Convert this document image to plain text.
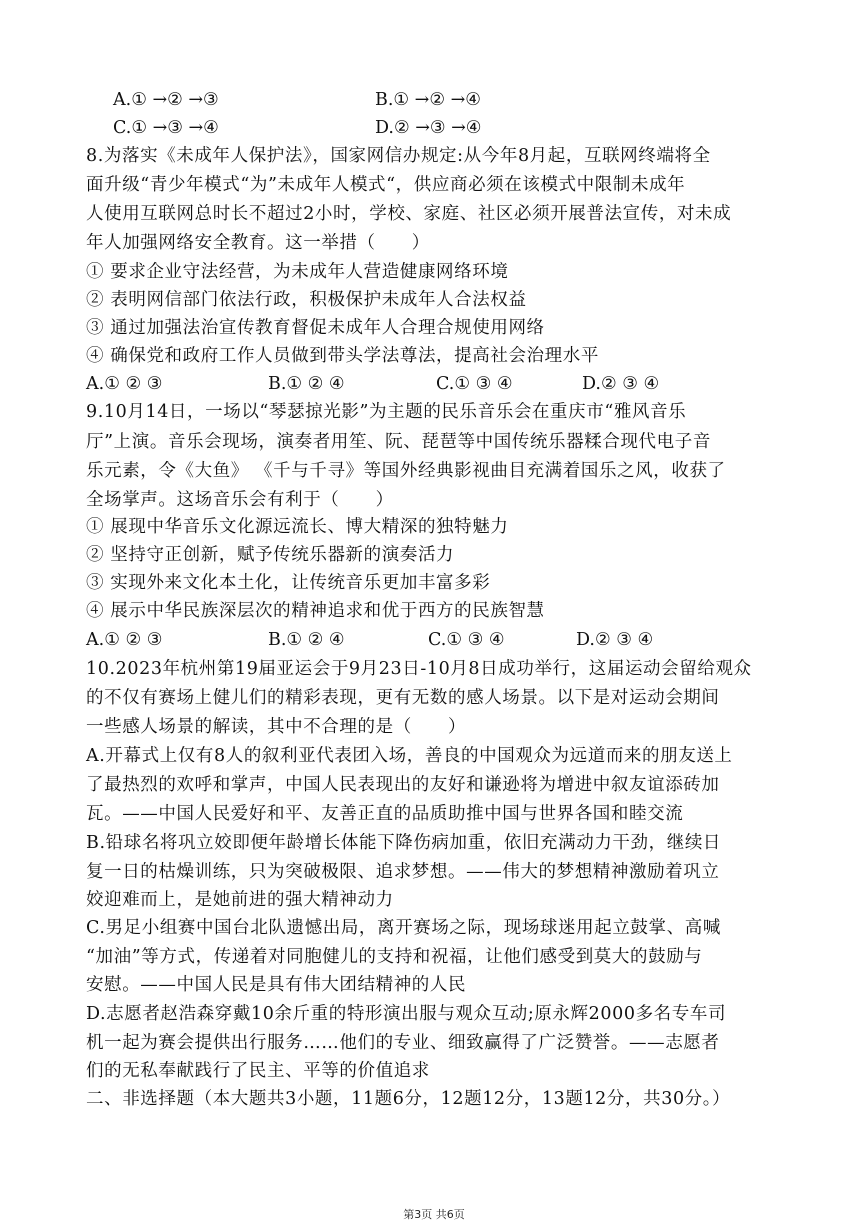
A.① →② →③	B.① →② →④
C.① →③ →④	D.② →③ →④
8.为落实《未成年人保护法》，国家网信办规定:从今年8月起，互联网终端将全
面升级“青少年模式“为”未成年人模式“，供应商必须在该模式中限制未成年
人使用互联网总时长不超过2小时，学校、家庭、社区必须开展普法宣传，对未成
年人加强网络安全教育。这一举措（　　）
① 要求企业守法经营，为未成年人营造健康网络环境
② 表明网信部门依法行政，积极保护未成年人合法权益
③ 通过加强法治宣传教育督促未成年人合理合规使用网络
④ 确保党和政府工作人员做到带头学法尊法，提高社会治理水平
A.① ② ③	B.① ② ④	C.① ③ ④	D.② ③ ④
9.10月14日，一场以“琴瑟掠光影”为主题的民乐音乐会在重庆市“雅风音乐
厅”上演。音乐会现场，演奏者用笙、阮、琵琶等中国传统乐器糅合现代电子音
乐元素，令《大鱼》 《千与千寻》等国外经典影视曲目充满着国乐之风，收获了
全场掌声。这场音乐会有利于（　　）
① 展现中华音乐文化源远流长、博大精深的独特魅力
② 坚持守正创新，赋予传统乐器新的演奏活力
③ 实现外来文化本土化，让传统音乐更加丰富多彩
④ 展示中华民族深层次的精神追求和优于西方的民族智慧
A.① ② ③	B.① ② ④	C.① ③ ④	D.② ③ ④
10.2023年杭州第19届亚运会于9月23日-10月8日成功举行，这届运动会留给观众
的不仅有赛场上健儿们的精彩表现，更有无数的感人场景。以下是对运动会期间
一些感人场景的解读，其中不合理的是（　　）
A.开幕式上仅有8人的叙利亚代表团入场，善良的中国观众为远道而来的朋友送上
了最热烈的欢呼和掌声，中国人民表现出的友好和谦逊将为增进中叙友谊添砖加
瓦。——中国人民爱好和平、友善正直的品质助推中国与世界各国和睦交流
B.铅球名将巩立姣即便年龄增长体能下降伤病加重，依旧充满动力干劲，继续日
复一日的枯燥训练，只为突破极限、追求梦想。——伟大的梦想精神激励着巩立
姣迎难而上，是她前进的强大精神动力
C.男足小组赛中国台北队遗憾出局，离开赛场之际，现场球迷用起立鼓掌、高喊
“加油”等方式，传递着对同胞健儿的支持和祝福，让他们感受到莫大的鼓励与
安慰。——中国人民是具有伟大团结精神的人民
D.志愿者赵浩森穿戴10余斤重的特形演出服与观众互动;原永辉2000多名专车司
机一起为赛会提供出行服务……他们的专业、细致赢得了广泛赞誉。——志愿者
们的无私奉献践行了民主、平等的价值追求
二、非选择题（本大题共3小题，11题6分，12题12分，13题12分，共30分。）
第3页 共6页
